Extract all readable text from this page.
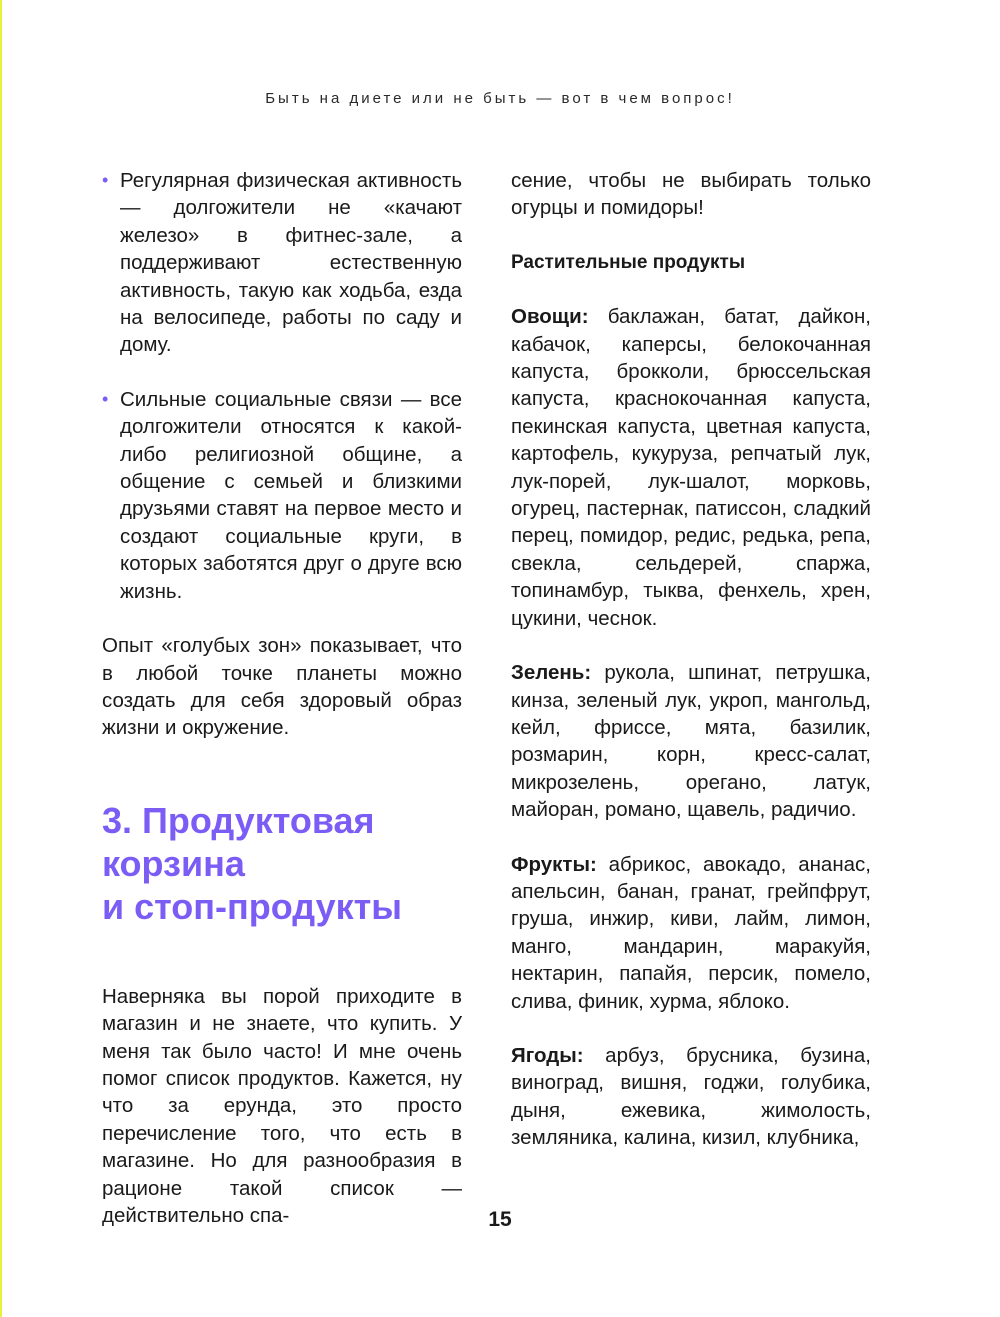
Быть на диете или не быть — вот в чем вопрос!
• Регулярная физическая активность — долгожители не «качают железо» в фитнес-зале, а поддерживают естественную активность, такую как ходьба, езда на велосипеде, работы по саду и дому.

• Сильные социальные связи — все долгожители относятся к какой-либо религиозной общине, а общение с семьей и близкими друзьями ставят на первое место и создают социальные круги, в которых заботятся друг о друге всю жизнь.

Опыт «голубых зон» показывает, что в любой точке планеты можно создать для себя здоровый образ жизни и окружение.

3. Продуктовая
корзина
и стоп-продукты

Наверняка вы порой приходите в магазин и не знаете, что купить. У меня так было часто! И мне очень помог список продуктов. Кажется, ну что за ерунда, это просто перечисление того, что есть в магазине. Но для разнообразия в рационе такой список — действительно спа-

сение, чтобы не выбирать только огурцы и помидоры!

Растительные продукты

Овощи: баклажан, батат, дайкон, кабачок, каперсы, белокочанная капуста, брокколи, брюссельская капуста, краснокочанная капуста, пекинская капуста, цветная капуста, картофель, кукуруза, репчатый лук, лук-порей, лук-шалот, морковь, огурец, пастернак, патиссон, сладкий перец, помидор, редис, редька, репа, свекла, сельдерей, спаржа, топинамбур, тыква, фенхель, хрен, цукини, чеснок.

Зелень: рукола, шпинат, петрушка, кинза, зеленый лук, укроп, мангольд, кейл, фриссе, мята, базилик, розмарин, корн, кресс-салат, микрозелень, орегано, латук, майоран, романо, щавель, радичио.

Фрукты: абрикос, авокадо, ананас, апельсин, банан, гранат, грейпфрут, груша, инжир, киви, лайм, лимон, манго, мандарин, маракуйя, нектарин, папайя, персик, помело, слива, финик, хурма, яблоко.

Ягоды: арбуз, брусника, бузина, виноград, вишня, годжи, голубика, дыня, ежевика, жимолость, земляника, калина, кизил, клубника,

15
